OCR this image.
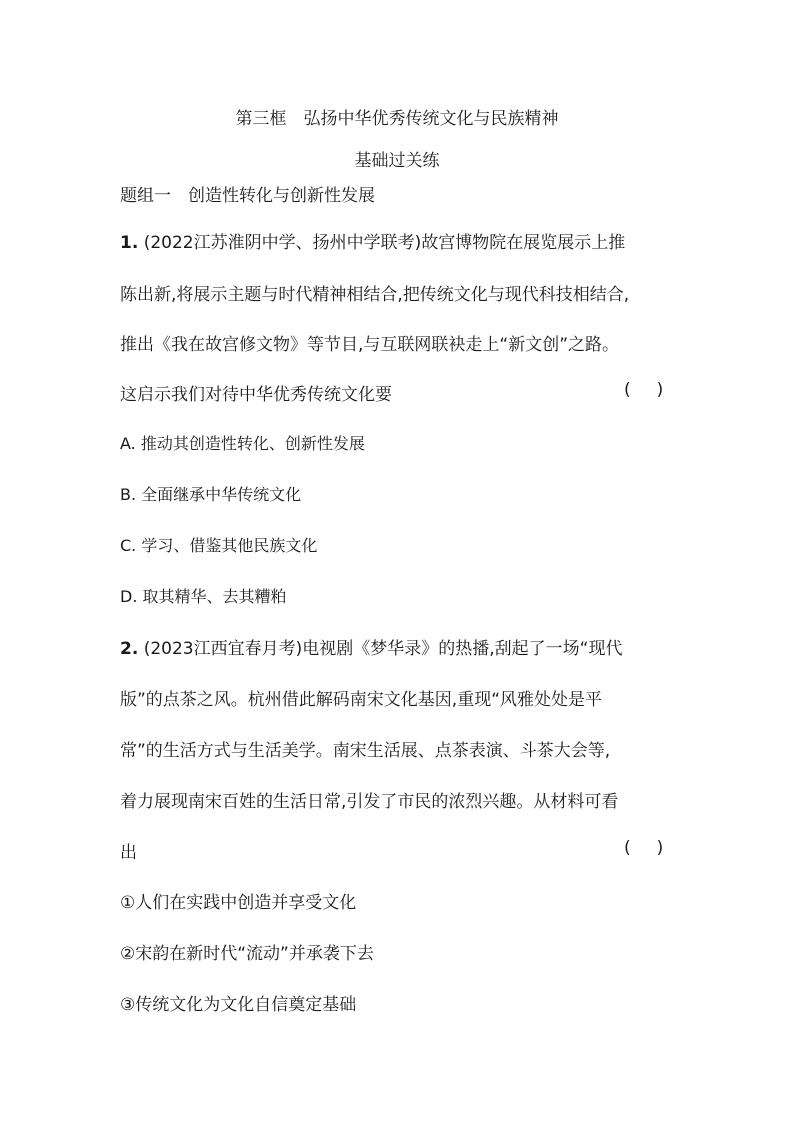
第三框　弘扬中华优秀传统文化与民族精神
基础过关练
题组一　创造性转化与创新性发展
1. (2022江苏淮阴中学、扬州中学联考)故宫博物院在展览展示上推
陈出新,将展示主题与时代精神相结合,把传统文化与现代科技相结合,
推出《我在故宫修文物》等节目,与互联网联袂走上“新文创”之路。
这启示我们对待中华优秀传统文化要	()
A. 推动其创造性转化、创新性发展
B. 全面继承中华传统文化
C. 学习、借鉴其他民族文化
D. 取其精华、去其糟粕
2. (2023江西宜春月考)电视剧《梦华录》的热播,刮起了一场“现代
版”的点茶之风。杭州借此解码南宋文化基因,重现“风雅处处是平
常”的生活方式与生活美学。南宋生活展、点茶表演、斗茶大会等,
着力展现南宋百姓的生活日常,引发了市民的浓烈兴趣。从材料可看
出	()
①人们在实践中创造并享受文化
②宋韵在新时代“流动”并承袭下去
③传统文化为文化自信奠定基础
